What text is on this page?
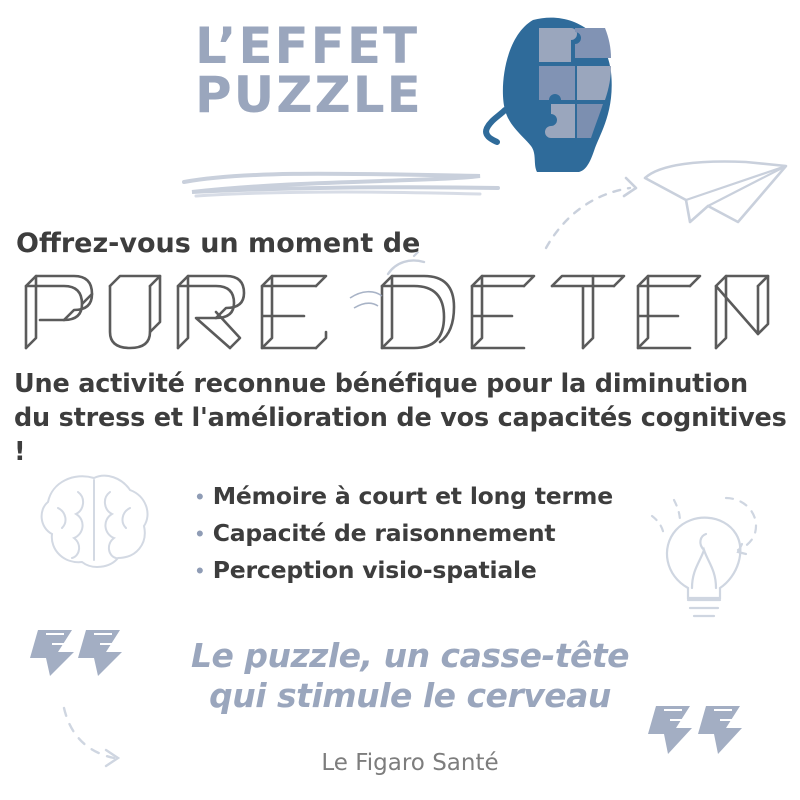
L’EFFET
PUZZLE
Offrez-vous un moment de
Une activité reconnue bénéfique pour la diminution
du stress et l'amélioration de vos capacités cognitives !
• Mémoire à court et long terme
• Capacité de raisonnement
• Perception visio-spatiale
Le puzzle, un casse-tête
qui stimule le cerveau
Le Figaro Santé
